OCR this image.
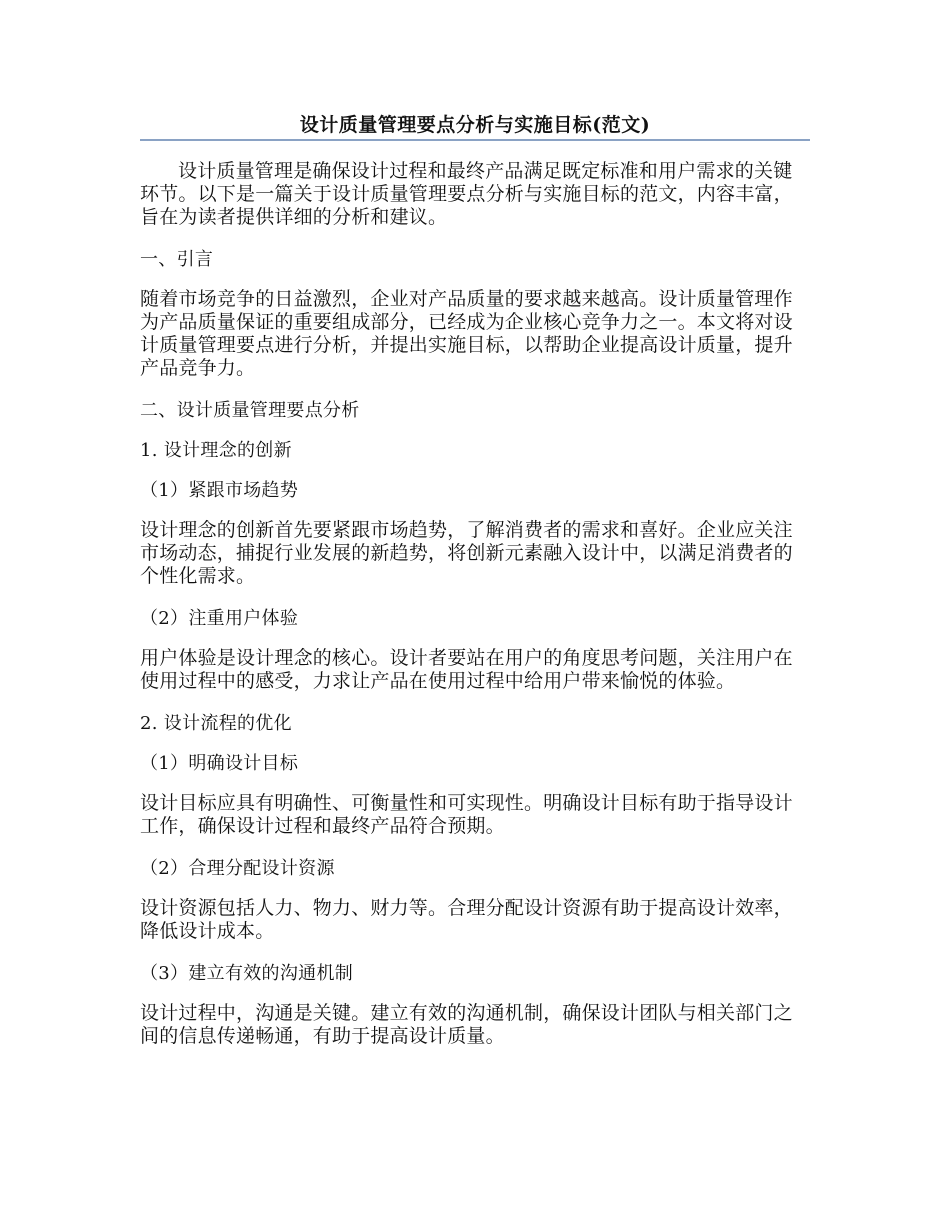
设计质量管理要点分析与实施目标(范文)

设计质量管理是确保设计过程和最终产品满足既定标准和用户需求的关键环节。以下是一篇关于设计质量管理要点分析与实施目标的范文，内容丰富，旨在为读者提供详细的分析和建议。

一、引言

随着市场竞争的日益激烈，企业对产品质量的要求越来越高。设计质量管理作为产品质量保证的重要组成部分，已经成为企业核心竞争力之一。本文将对设计质量管理要点进行分析，并提出实施目标，以帮助企业提高设计质量，提升产品竞争力。

二、设计质量管理要点分析

1. 设计理念的创新

（1）紧跟市场趋势

设计理念的创新首先要紧跟市场趋势，了解消费者的需求和喜好。企业应关注市场动态，捕捉行业发展的新趋势，将创新元素融入设计中，以满足消费者的个性化需求。

（2）注重用户体验

用户体验是设计理念的核心。设计者要站在用户的角度思考问题，关注用户在使用过程中的感受，力求让产品在使用过程中给用户带来愉悦的体验。

2. 设计流程的优化

（1）明确设计目标

设计目标应具有明确性、可衡量性和可实现性。明确设计目标有助于指导设计工作，确保设计过程和最终产品符合预期。

（2）合理分配设计资源

设计资源包括人力、物力、财力等。合理分配设计资源有助于提高设计效率，降低设计成本。

（3）建立有效的沟通机制

设计过程中，沟通是关键。建立有效的沟通机制，确保设计团队与相关部门之间的信息传递畅通，有助于提高设计质量。
